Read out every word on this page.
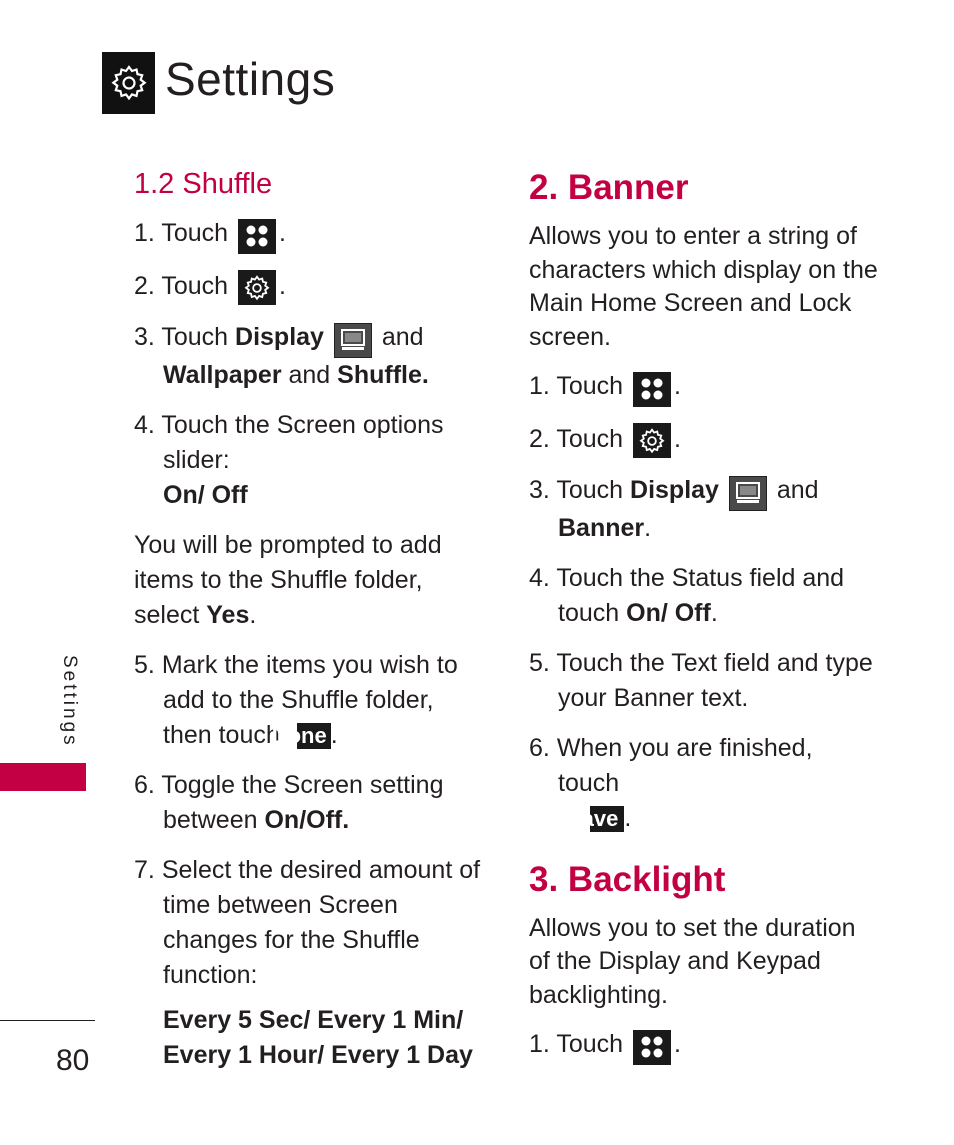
Settings
1.2 Shuffle
1. Touch .
2. Touch .
3. Touch Display and
Wallpaper and Shuffle.
4. Touch the Screen options slider:
On/ Off
You will be prompted to add items to the Shuffle folder, select Yes.
5. Mark the items you wish to add to the Shuffle folder, then touch Done .
6. Toggle the Screen setting between On/Off.
7. Select the desired amount of time between Screen changes for the Shuffle function:
Every 5 Sec/ Every 1 Min/
Every 1 Hour/ Every 1 Day
2. Banner
Allows you to enter a string of characters which display on the Main Home Screen and Lock screen.
1. Touch .
2. Touch .
3. Touch Display and
Banner.
4. Touch the Status field and touch On/ Off.
5. Touch the Text field and type your Banner text.
6. When you are finished, touch
Save .
3. Backlight
Allows you to set the duration of the Display and Keypad backlighting.
1. Touch .
Settings
80
